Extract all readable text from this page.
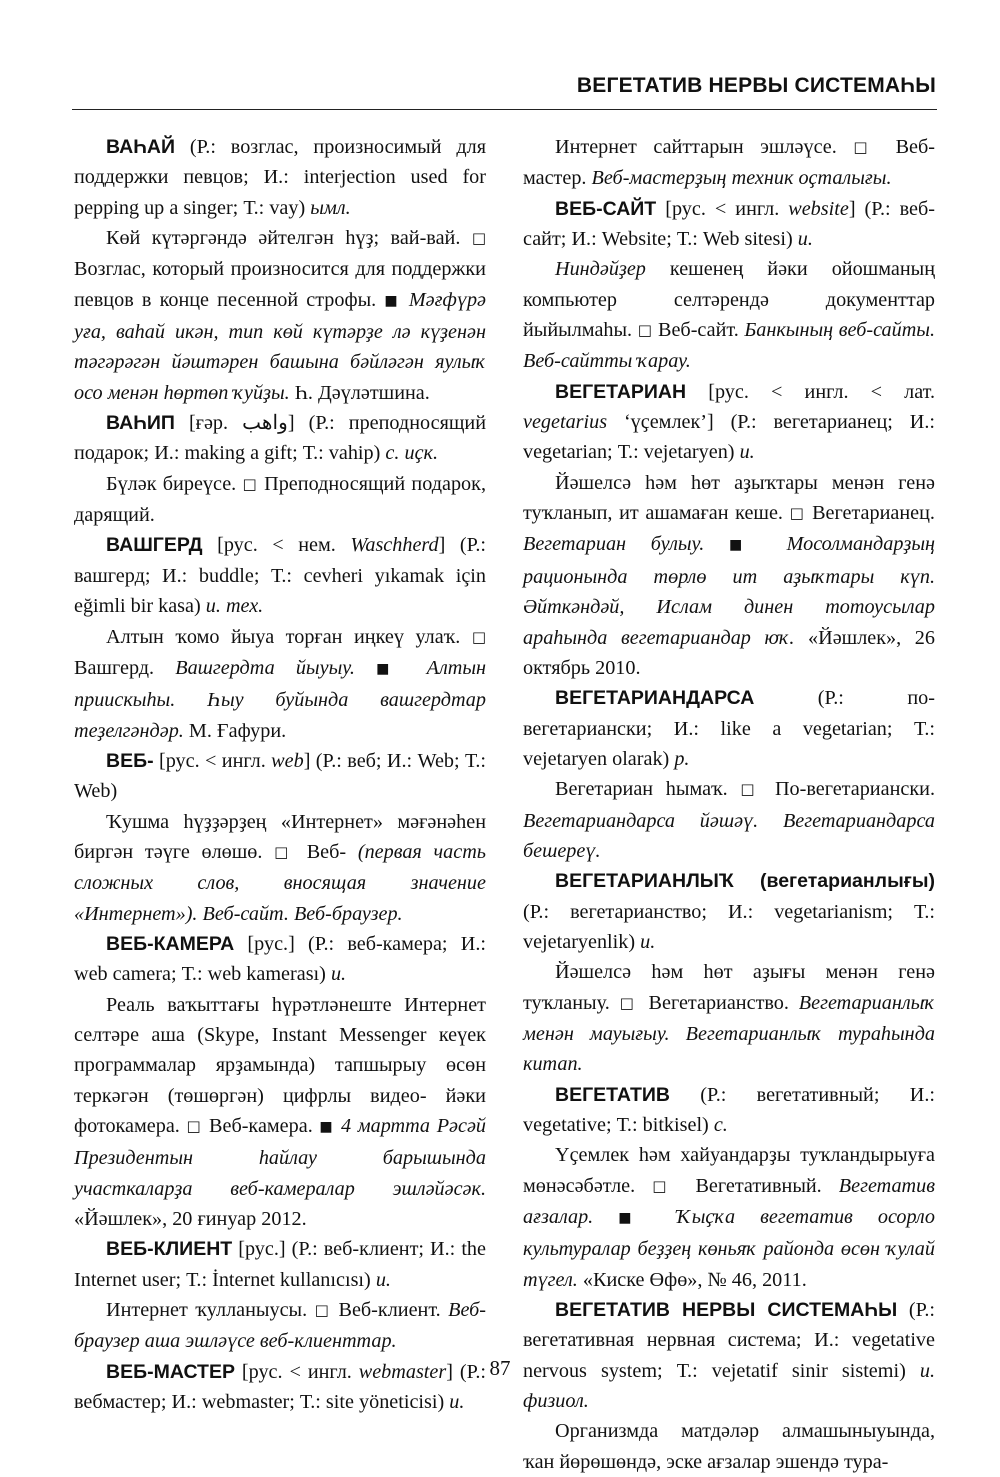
ВЕГЕТАТИВ НЕРВЫ СИСТЕМАҺЫ

ВАҺАЙ (Р.: возглас, произносимый для поддержки певцов; И.: interjection used for pepping up a singer; Т.: vay) ымл.

Көй күтәргәндә әйтелгән һүҙ; вай-вай. □ Возглас, который произносится для поддержки певцов в конце песенной строфы. ■ Мәғфүрә уға, ваһай икән, тип көй күтәрҙе лә күҙенән тәгәрәгән йәштәрен башына бәйләгән яулыҡ осо менән һөртөп ҡуйҙы. Һ. Дәүләтшина.

ВАҺИП [ғәр. واهب] (Р.: преподносящий подарок; И.: making a gift; Т.: vahip) с. иҫк.

Бүләк биреүсе. □ Преподносящий подарок, дарящий.

ВАШГЕРД [рус. < нем. Waschherd] (Р.: вашгерд; И.: buddle; Т.: cevheri yıkamak için eğimli bir kasa) и. тех.

Алтын ҡомо йыуа торған иңкеү улаҡ. □ Вашгерд. Вашгердта йыуыу. ■ Алтын приискыһы. Һыу буйында вашгердтар теҙелгәндәр. М. Ғафури.

ВЕБ- [рус. < ингл. web] (Р.: веб; И.: Web; Т.: Web)

Ҡушма һүҙҙәрҙең «Интернет» мәғәнәһен биргән тәүге өлөшө. □ Веб- (первая часть сложных слов, вносящая значение «Интернет»). Веб-сайт. Веб-браузер.

ВЕБ-КАМЕРА [рус.] (Р.: веб-камера; И.: web camera; Т.: web kamerası) и.

Реаль ваҡыттағы һүрәтләнеште Интернет селтәре аша (Skype, Instant Messenger кеүек программалар ярҙамында) тапшырыу өсөн теркәгән (төшөргән) цифрлы видео- йәки фотокамера. □ Веб-камера. ■ 4 мартта Рәсәй Президентын һайлау барышында участкаларҙа веб-камералар эшләйәсәк. «Йәшлек», 20 ғинуар 2012.

ВЕБ-КЛИЕНТ [рус.] (Р.: веб-клиент; И.: the Internet user; Т.: İnternet kullanıcısı) и.

Интернет ҡулланыусы. □ Веб-клиент. Веб-браузер аша эшләүсе веб-клиенттар.

ВЕБ-МАСТЕР [рус. < ингл. webmaster] (Р.: вебмастер; И.: webmaster; Т.: site yöneticisi) и.

Интернет сайттарын эшләүсе. □ Веб-мастер. Веб-мастерҙың техник оҫталығы.

ВЕБ-САЙТ [рус. < ингл. website] (Р.: веб-сайт; И.: Website; Т.: Web sitesi) и.

Ниндәйҙер кешенең йәки ойошманың компьютер селтәрендә документтар йыйылмаһы. □ Веб-сайт. Банкының веб-сайты. Веб-сайтты ҡарау.

ВЕГЕТАРИАН [рус. < ингл. < лат. vegetarius ‘үҫемлек’] (Р.: вегетарианец; И.: vegetarian; Т.: vejetaryen) и.

Йәшелсә һәм һөт аҙыҡтары менән генә туҡланып, ит ашамаған кеше. □ Вегетарианец. Вегетариан булыу. ■ Мосолмандарҙың рационында төрлө ит аҙыҡтары күп. Әйткәндәй, Ислам динен тотоусылар араһында вегетариандар юҡ. «Йәшлек», 26 октябрь 2010.

ВЕГЕТАРИАНДАРСА (Р.: по-вегетариански; И.: like a vegetarian; Т.: vejetaryen olarak) р.

Вегетариан һымаҡ. □ По-вегетариански. Вегетариандарса йәшәү. Вегетариандарса бешереү.

ВЕГЕТАРИАНЛЫҠ (вегетарианлығы) (Р.: вегетарианство; И.: vegetarianism; Т.: vejetaryenlik) и.

Йәшелсә һәм һөт аҙығы менән генә туҡланыу. □ Вегетарианство. Вегетарианлыҡ менән мауығыу. Вегетарианлыҡ тураһында китап.

ВЕГЕТАТИВ (Р.: вегетативный; И.: vegetative; Т.: bitkisel) с.

Үҫемлек һәм хайуандарҙы туҡландырыуға мөнәсәбәтле. □ Вегетативный. Вегетатив ағзалар. ■ Ҡыҫҡа вегетатив осорло культуралар беҙҙең көньяҡ районда өсөн ҡулай түгел. «Киске Өфө», № 46, 2011.

ВЕГЕТАТИВ НЕРВЫ СИСТЕМАҺЫ (Р.: вегетативная нервная система; И.: vegetative nervous system; Т.: vejetatif sinir sistemi) и. физиол.

Организмда матдәләр алмашыныуында, ҡан йөрөшөндә, эске ағзалар эшендә тура-

87
